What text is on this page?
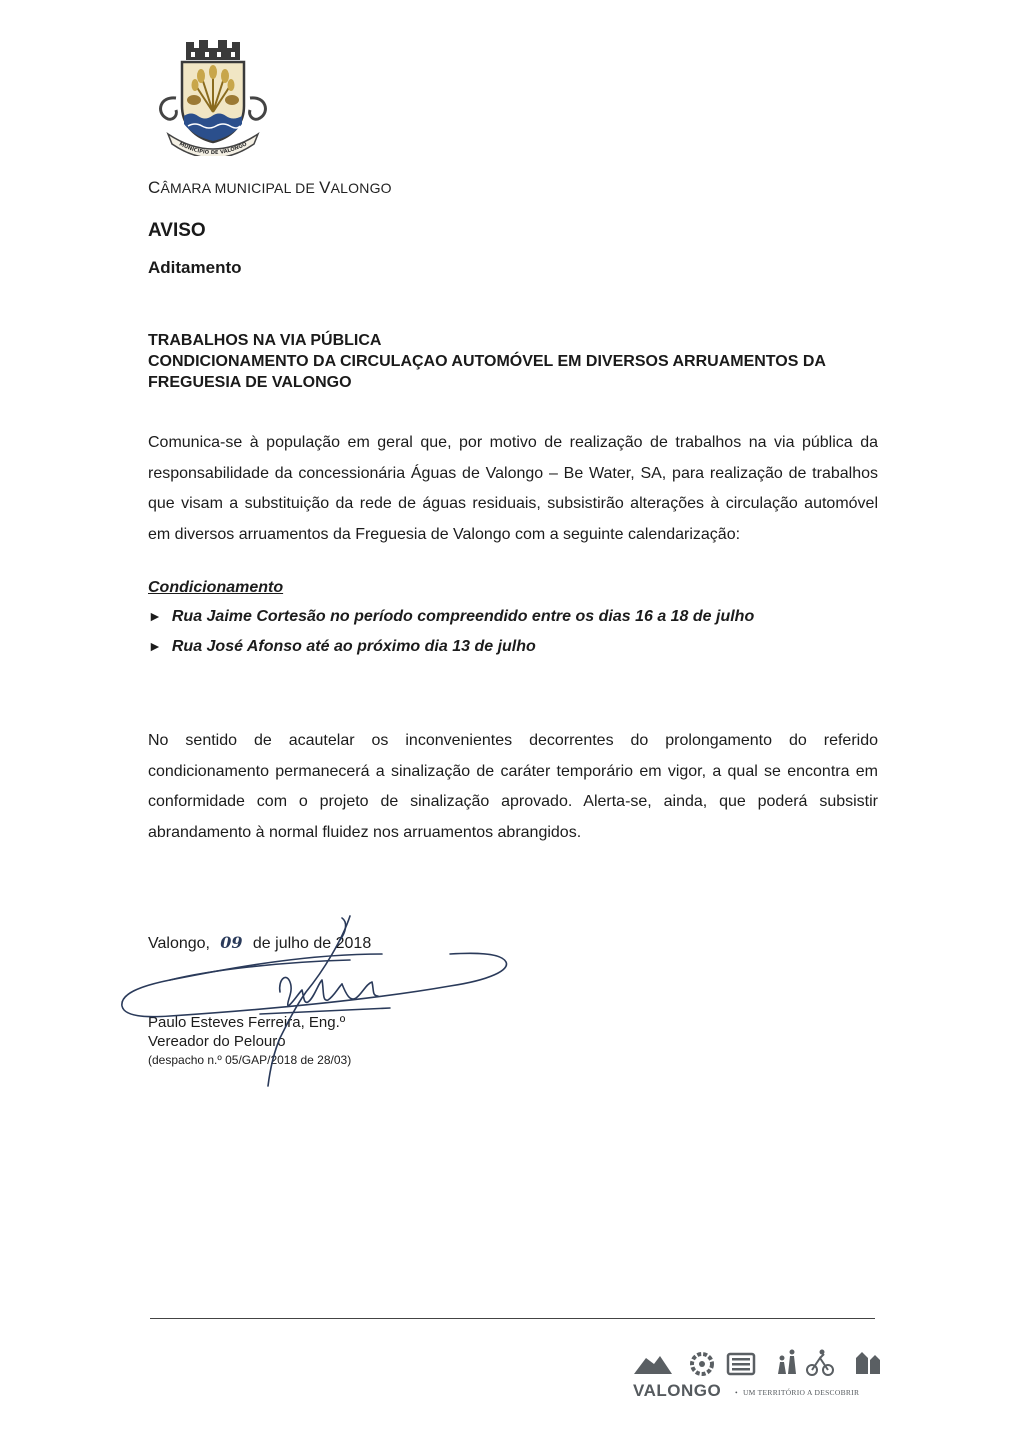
MUNICÍPIO DE VALONGO
CÂMARA MUNICIPAL DE VALONGO
AVISO
Aditamento
TRABALHOS NA VIA PÚBLICA
CONDICIONAMENTO DA CIRCULAÇAO AUTOMÓVEL EM DIVERSOS ARRUAMENTOS DA
FREGUESIA DE VALONGO
Comunica-se à população em geral que, por motivo de realização de trabalhos na via pública da responsabilidade da concessionária Águas de Valongo – Be Water, SA, para realização de trabalhos que visam a substituição da rede de águas residuais, subsistirão alterações à circulação automóvel em diversos arruamentos da Freguesia de Valongo com a seguinte calendarização:
Condicionamento
► Rua Jaime Cortesão no período compreendido entre os dias 16 a 18 de julho
► Rua José Afonso até ao próximo dia 13 de julho
No sentido de acautelar os inconvenientes decorrentes do prolongamento do referido condicionamento permanecerá a sinalização de caráter temporário em vigor, a qual se encontra em conformidade com o projeto de sinalização aprovado. Alerta-se, ainda, que poderá subsistir abrandamento à normal fluidez nos arruamentos abrangidos.
Valongo, 09 de julho de 2018
Paulo Esteves Ferreira, Eng.º
Vereador do Pelouro
(despacho n.º 05/GAP/2018 de 28/03)
VALONGO • UM TERRITÓRIO A DESCOBRIR
